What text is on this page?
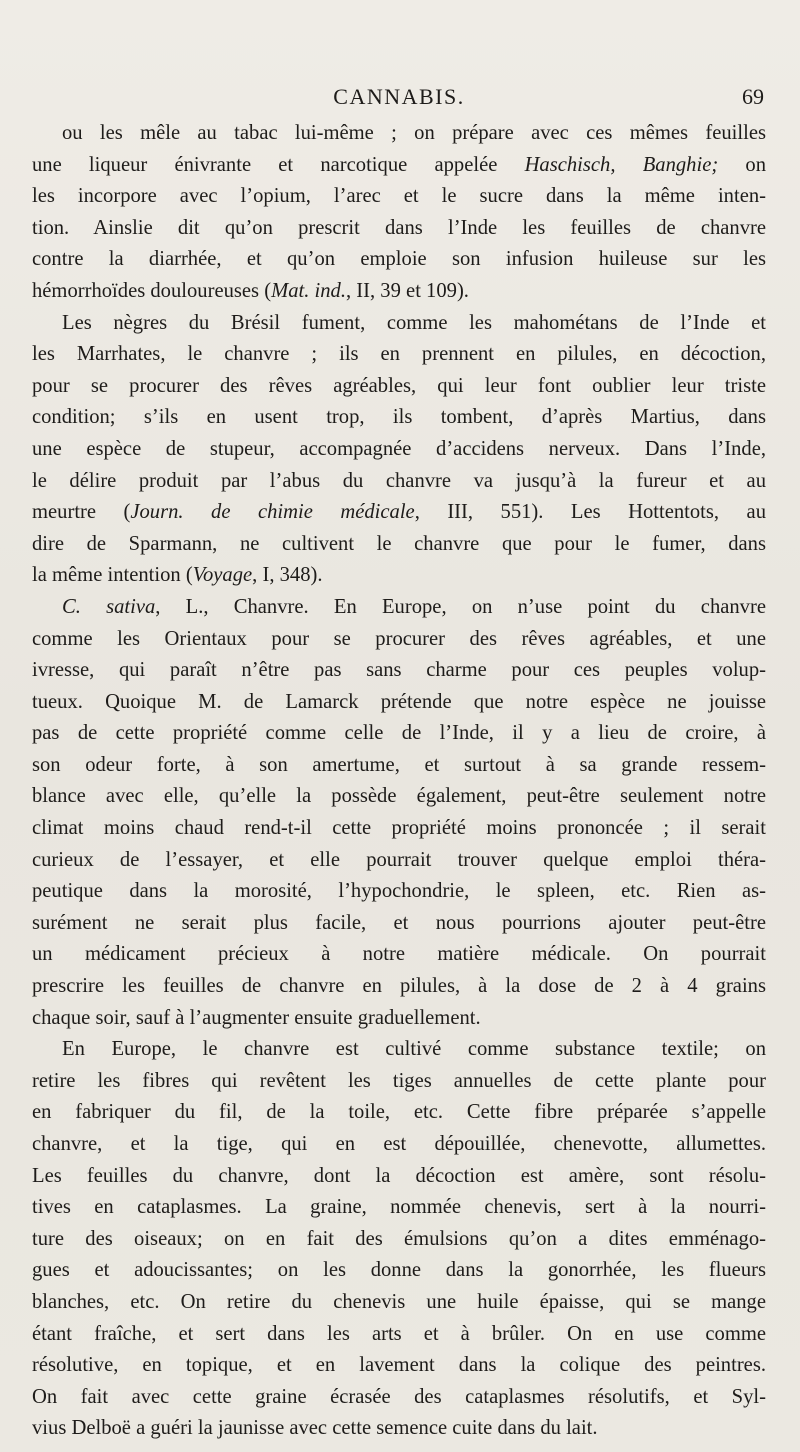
CANNABIS.	69

ou les mêle au tabac lui-même ; on prépare avec ces mêmes feuilles
une liqueur énivrante et narcotique appelée Haschisch, Banghie; on
les incorpore avec l’opium, l’arec et le sucre dans la même inten-
tion. Ainslie dit qu’on prescrit dans l’Inde les feuilles de chanvre
contre la diarrhée, et qu’on emploie son infusion huileuse sur les
hémorrhoïdes douloureuses (Mat. ind., II, 39 et 109).

Les nègres du Brésil fument, comme les mahométans de l’Inde et
les Marrhates, le chanvre ; ils en prennent en pilules, en décoction,
pour se procurer des rêves agréables, qui leur font oublier leur triste
condition; s’ils en usent trop, ils tombent, d’après Martius, dans
une espèce de stupeur, accompagnée d’accidens nerveux. Dans l’Inde,
le délire produit par l’abus du chanvre va jusqu’à la fureur et au
meurtre (Journ. de chimie médicale, III, 551). Les Hottentots, au
dire de Sparmann, ne cultivent le chanvre que pour le fumer, dans
la même intention (Voyage, I, 348).

C. sativa, L., Chanvre. En Europe, on n’use point du chanvre
comme les Orientaux pour se procurer des rêves agréables, et une
ivresse, qui paraît n’être pas sans charme pour ces peuples volup-
tueux. Quoique M. de Lamarck prétende que notre espèce ne jouisse
pas de cette propriété comme celle de l’Inde, il y a lieu de croire, à
son odeur forte, à son amertume, et surtout à sa grande ressem-
blance avec elle, qu’elle la possède également, peut-être seulement notre
climat moins chaud rend-t-il cette propriété moins prononcée ; il serait
curieux de l’essayer, et elle pourrait trouver quelque emploi théra-
peutique dans la morosité, l’hypochondrie, le spleen, etc. Rien as-
surément ne serait plus facile, et nous pourrions ajouter peut-être
un médicament précieux à notre matière médicale. On pourrait
prescrire les feuilles de chanvre en pilules, à la dose de 2 à 4 grains
chaque soir, sauf à l’augmenter ensuite graduellement.

En Europe, le chanvre est cultivé comme substance textile; on
retire les fibres qui revêtent les tiges annuelles de cette plante pour
en fabriquer du fil, de la toile, etc. Cette fibre préparée s’appelle
chanvre, et la tige, qui en est dépouillée, chenevotte, allumettes.
Les feuilles du chanvre, dont la décoction est amère, sont résolu-
tives en cataplasmes. La graine, nommée chenevis, sert à la nourri-
ture des oiseaux; on en fait des émulsions qu’on a dites emménago-
gues et adoucissantes; on les donne dans la gonorrhée, les flueurs
blanches, etc. On retire du chenevis une huile épaisse, qui se mange
étant fraîche, et sert dans les arts et à brûler. On en use comme
résolutive, en topique, et en lavement dans la colique des peintres.
On fait avec cette graine écrasée des cataplasmes résolutifs, et Syl-
vius Delboë a guéri la jaunisse avec cette semence cuite dans du lait.
